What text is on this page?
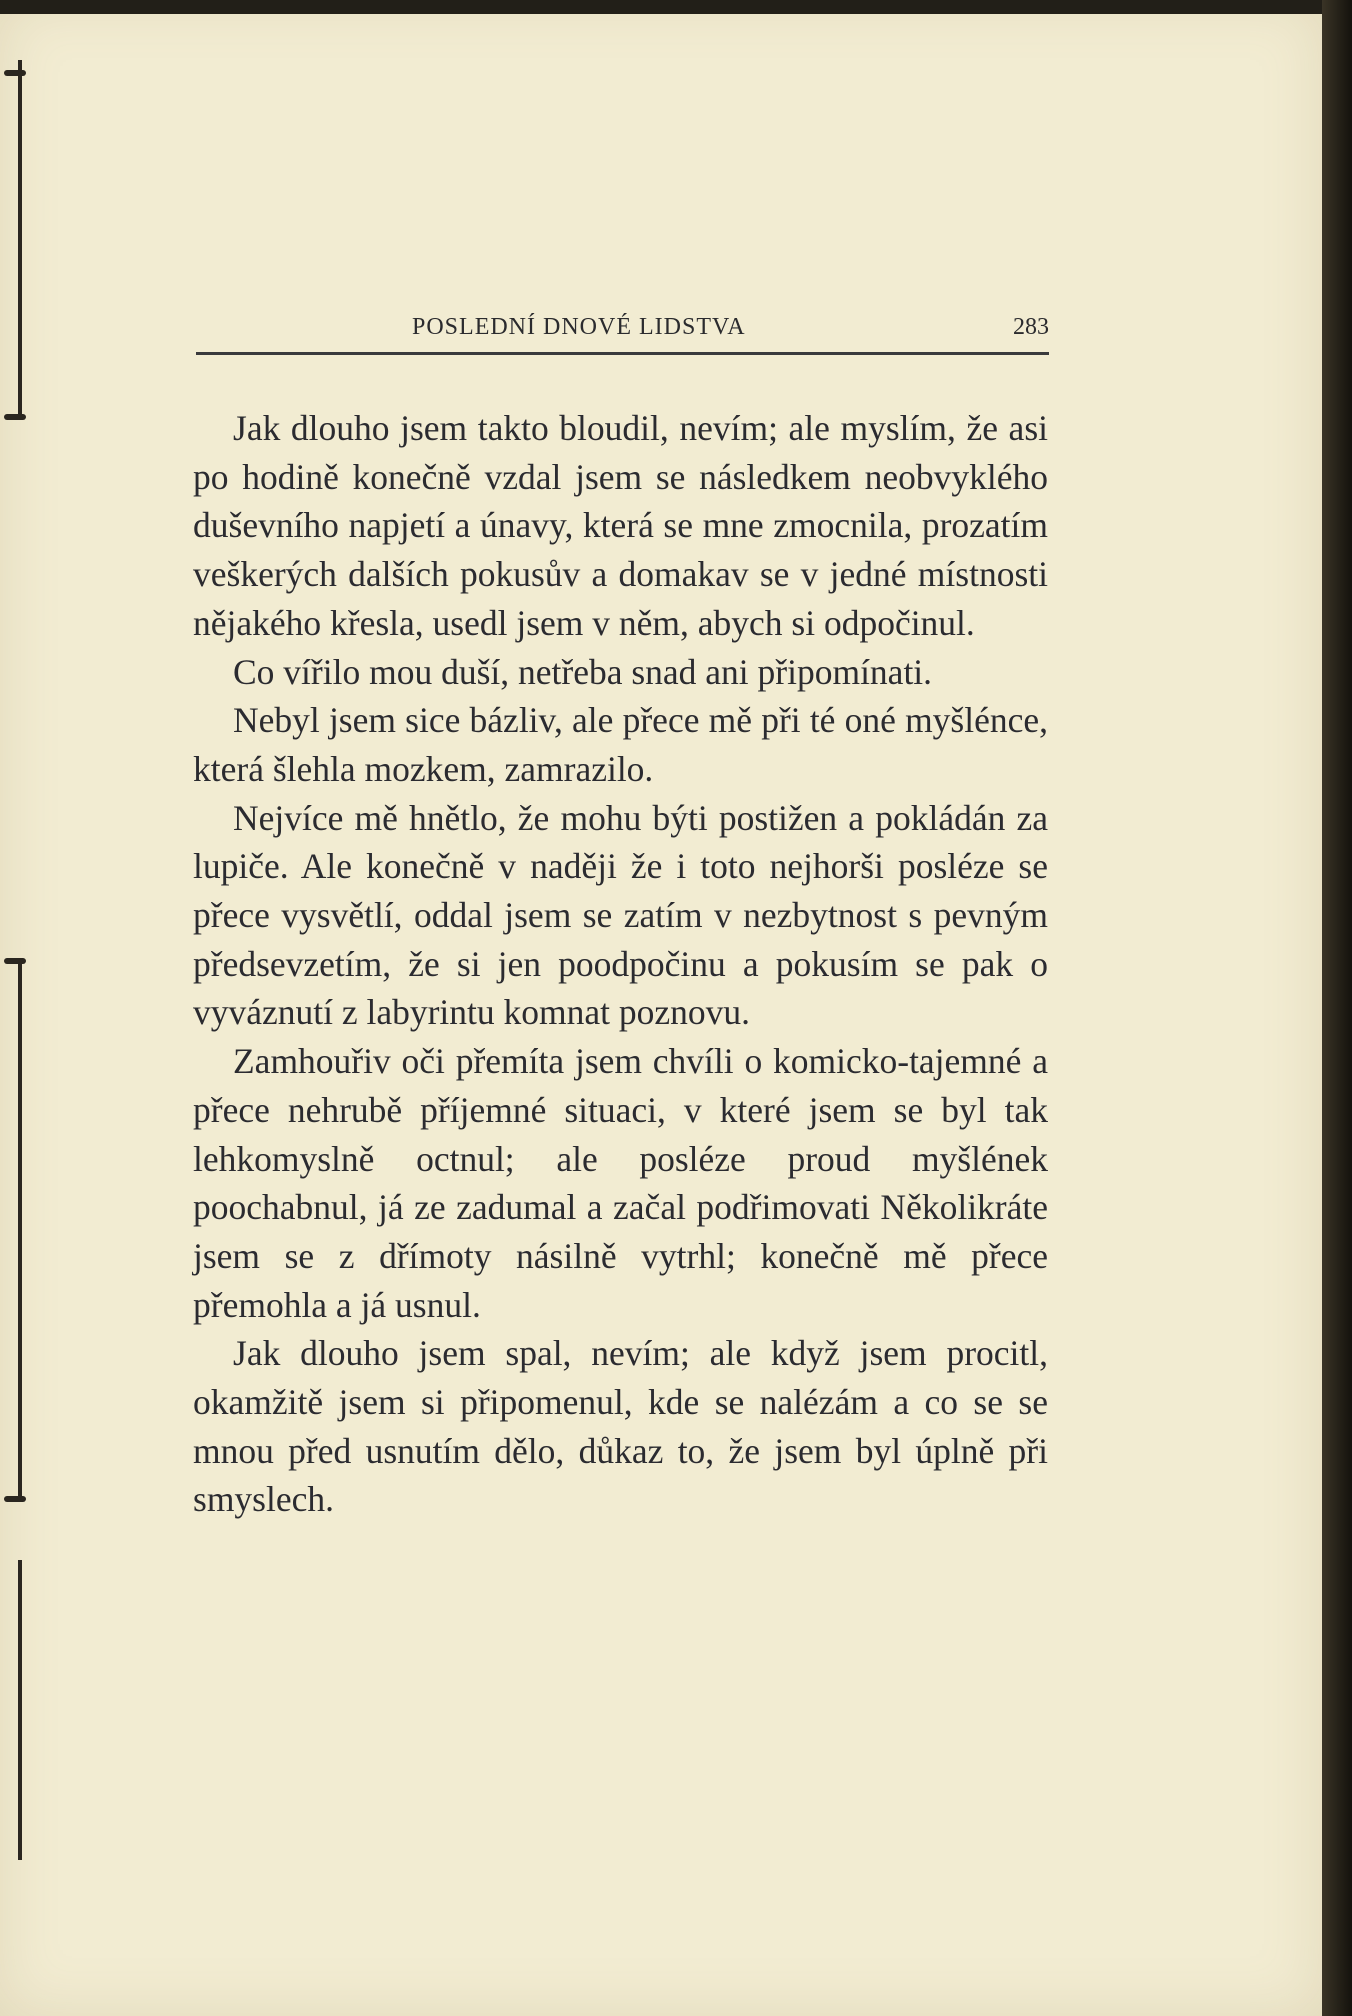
POSLEDNÍ DNOVÉ LIDSTVA	283

Jak dlouho jsem takto bloudil, nevím; ale myslím, že asi po hodině konečně vzdal jsem se následkem neobvyklého duševního napjetí a únavy, která se mne zmocnila, prozatím veškerých dalších pokusův a domakav se v jedné místnosti nějakého křesla, usedl jsem v něm, abych si odpočinul.

Co vířilo mou duší, netřeba snad ani připomínati.

Nebyl jsem sice bázliv, ale přece mě při té oné myšlénce, která šlehla mozkem, zamrazilo.

Nejvíce mě hnětlo, že mohu býti postižen a pokládán za lupiče. Ale konečně v naději že i toto nejhorši posléze se přece vysvětlí, oddal jsem se zatím v nezbytnost s pevným předsevzetím, že si jen poodpočinu a pokusím se pak o vyváznutí z labyrintu komnat poznovu.

Zamhouřiv oči přemíta jsem chvíli o komicko-tajemné a přece nehrubě příjemné situaci, v které jsem se byl tak lehkomyslně octnul; ale posléze proud myšlének poochabnul, já ze zadumal a začal podřimovati Několikráte jsem se z dřímoty násilně vytrhl; konečně mě přece přemohla a já usnul.

Jak dlouho jsem spal, nevím; ale když jsem procitl, okamžitě jsem si připomenul, kde se nalézám a co se se mnou před usnutím dělo, důkaz to, že jsem byl úplně při smyslech.
